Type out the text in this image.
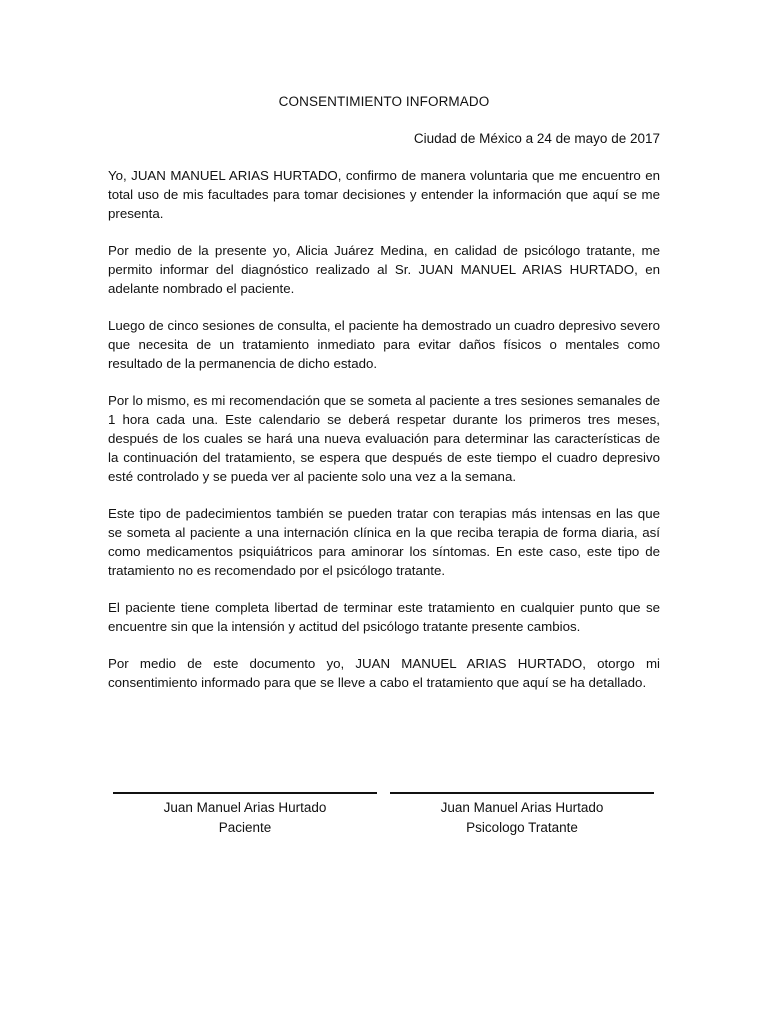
CONSENTIMIENTO INFORMADO
Ciudad de México a 24 de mayo de 2017

Yo, JUAN MANUEL ARIAS HURTADO, confirmo de manera voluntaria que me encuentro en total uso de mis facultades para tomar decisiones y entender la información que aquí se me presenta.

Por medio de la presente yo, Alicia Juárez Medina, en calidad de psicólogo tratante, me permito informar del diagnóstico realizado al Sr. JUAN MANUEL ARIAS HURTADO, en adelante nombrado el paciente.

Luego de cinco sesiones de consulta, el paciente ha demostrado un cuadro depresivo severo que necesita de un tratamiento inmediato para evitar daños físicos o mentales como resultado de la permanencia de dicho estado.

Por lo mismo, es mi recomendación que se someta al paciente a tres sesiones semanales de 1 hora cada una. Este calendario se deberá respetar durante los primeros tres meses, después de los cuales se hará una nueva evaluación para determinar las características de la continuación del tratamiento, se espera que después de este tiempo el cuadro depresivo esté controlado y se pueda ver al paciente solo una vez a la semana.

Este tipo de padecimientos también se pueden tratar con terapias más intensas en las que se someta al paciente a una internación clínica en la que reciba terapia de forma diaria, así como medicamentos psiquiátricos para aminorar los síntomas. En este caso, este tipo de tratamiento no es recomendado por el psicólogo tratante.

El paciente tiene completa libertad de terminar este tratamiento en cualquier punto que se encuentre sin que la intensión y actitud del psicólogo tratante presente cambios.

Por medio de este documento yo, JUAN MANUEL ARIAS HURTADO, otorgo mi consentimiento informado para que se lleve a cabo el tratamiento que aquí se ha detallado.

Juan Manuel Arias Hurtado
Paciente
Juan Manuel Arias Hurtado
Psicologo Tratante
